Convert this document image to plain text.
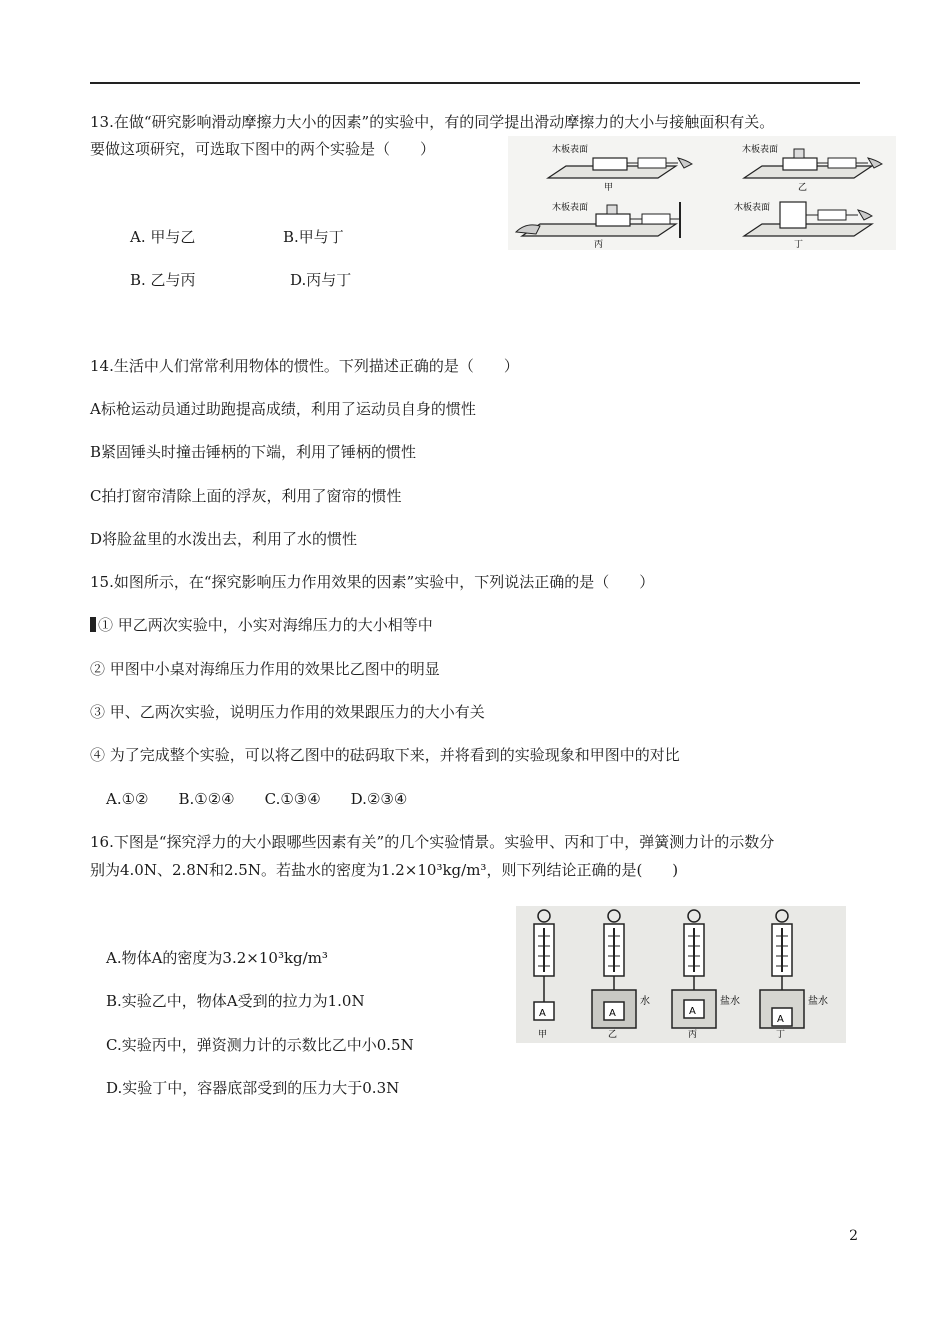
13.在做“研究影响滑动摩擦力大小的因素”的实验中，有的同学提出滑动摩擦力的大小与接触面积有关。
要做这项研究，可选取下图中的两个实验是（　　）
A. 甲与乙	B.甲与丁
B. 乙与丙	D.丙与丁
木板表面
甲
木板表面
乙
木板表面
丙
木板表面
丁
14.生活中人们常常利用物体的惯性。下列描述正确的是（　　）
A标枪运动员通过助跑提高成绩，利用了运动员自身的惯性
B紧固锤头时撞击锤柄的下端，利用了锤柄的惯性
C拍打窗帘清除上面的浮灰，利用了窗帘的惯性
D将脸盆里的水泼出去，利用了水的惯性
15.如图所示，在“探究影响压力作用效果的因素”实验中，下列说法正确的是（　　）
① 甲乙两次实验中，小实对海绵压力的大小相等中
② 甲图中小桌对海绵压力作用的效果比乙图中的明显
③ 甲、乙两次实验，说明压力作用的效果跟压力的大小有关
④ 为了完成整个实验，可以将乙图中的砝码取下来，并将看到的实验现象和甲图中的对比
A.①②　　B.①②④　　C.①③④　　D.②③④
16.下图是“探究浮力的大小跟哪些因素有关”的几个实验情景。实验甲、丙和丁中，弹簧测力计的示数分
别为4.0N、2.8N和2.5N。若盐水的密度为1.2×10³kg/m³，则下列结论正确的是(　　)
A.物体A的密度为3.2×10³kg/m³
B.实验乙中，物体A受到的拉力为1.0N
C.实验丙中，弹资测力计的示数比乙中小0.5N
D.实验丁中，容器底部受到的压力大于0.3N
A
甲
A
水
乙
A
盐水
丙
A
盐水
丁
2
